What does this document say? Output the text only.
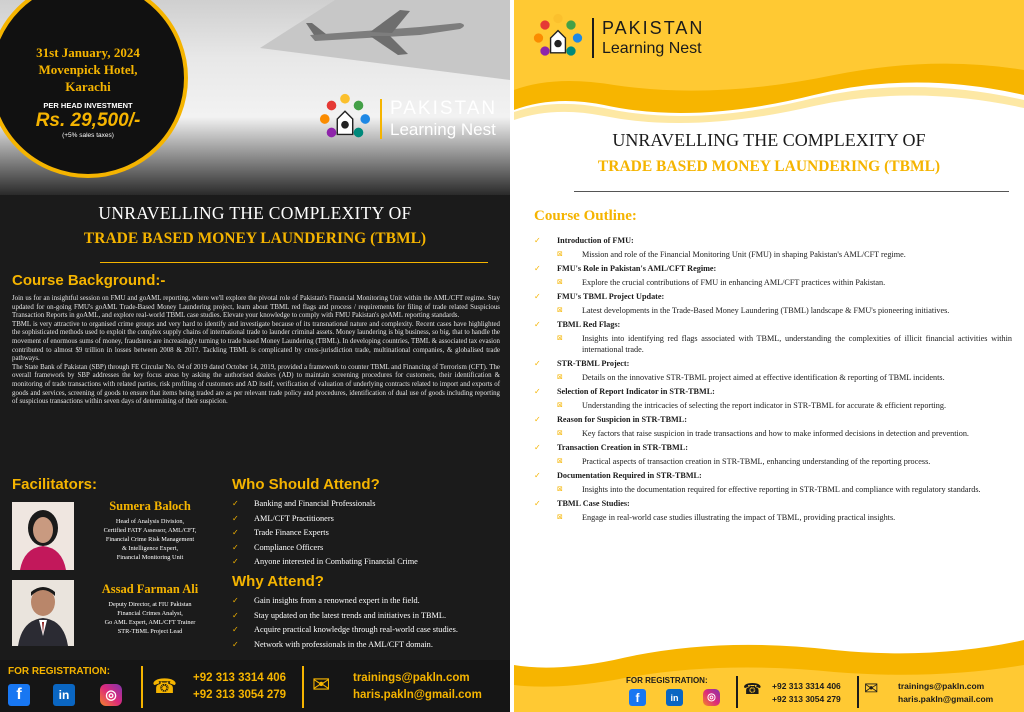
31st January, 2024
Movenpick Hotel,
Karachi
PER HEAD INVESTMENT
Rs. 29,500/-
(+5% sales taxes)
PAKISTAN
Learning Nest
UNRAVELLING THE COMPLEXITY OF
TRADE BASED MONEY LAUNDERING (TBML)
Course Background:-

Join us for an insightful session on FMU and goAML reporting, where we'll explore the pivotal role of Pakistan's Financial Monitoring Unit within the AML/CFT regime. Stay updated for on-going FMU's goAML Trade-Based Money Laundering project, learn about TBML red flags and process / requirements for filing of trade related Suspicious Transaction Reports in goAML, and explore real-world TBML case studies. Elevate your knowledge to comply with FMU Pakistan's goAML reporting standards.

TBML is very attractive to organised crime groups and very hard to identify and investigate because of its transnational nature and complexity. Recent cases have highlighted the sophisticated methods used to exploit the complex supply chains of international trade to launder criminal assets. Money laundering is big business, so big, that to handle the movement of enormous sums of money, fraudsters are increasingly turning to trade based Money Laundering (TBML). In developing countries, TBML & associated tax evasion contributed to almost $9 trillion in losses between 2008 & 2017. Tackling TBML is complicated by cross-jurisdiction trade, multinational companies, & globalised trade pathways.

The State Bank of Pakistan (SBP) through FE Circular No. 04 of 2019 dated October 14, 2019, provided a framework to counter TBML and Financing of Terrorism (CFT). The overall framework by SBP addresses the key focus areas by asking the authorised dealers (AD) to maintain screening procedures for customers, their identification & monitoring of trade transactions with related parties, risk profiling of customers and AD itself, verification of valuation of underlying contracts related to import and exports of goods and services, screening of goods to ensure that items being traded are as per relevant trade policy and procedures, identification of dual use of goods including reporting of suspicious transactions within seven days of determining of their suspicion.

Facilitators:
Sumera Baloch
Head of Analysis Division,
Certified FATF Assessor, AML/CFT,
Financial Crime Risk Management
& Intelligence Expert,
Financial Monitoring Unit
Assad Farman Ali
Deputy Director, at FIU Pakistan
Financial Crimes Analyst,
Go AML Expert, AML/CFT Trainer
STR-TBML Project Lead
Who Should Attend?
✓	Banking and Financial Professionals
✓	AML/CFT Practitioners
✓	Trade Finance Experts
✓	Compliance Officers
✓	Anyone interested in Combating Financial Crime
Why Attend?
✓	Gain insights from a renowned expert in the field.
✓	Stay updated on the latest trends and initiatives in TBML.
✓	Acquire practical knowledge through real-world case studies.
✓	Network with professionals in the AML/CFT domain.
FOR REGISTRATION:
f	in	◎ ☎ +92 313 3314 406
+92 313 3054 279 ✉ trainings@pakln.com
haris.pakln@gmail.com
PAKISTAN
Learning Nest
UNRAVELLING THE COMPLEXITY OF
TRADE BASED MONEY LAUNDERING (TBML)
Course Outline:
✓	Introduction of FMU:
⊠	Mission and role of the Financial Monitoring Unit (FMU) in shaping Pakistan's AML/CFT regime.
✓	FMU's Role in Pakistan's AML/CFT Regime:
⊠	Explore the crucial contributions of FMU in enhancing AML/CFT practices within Pakistan.
✓	FMU's TBML Project Update:
⊠	Latest developments in the Trade-Based Money Laundering (TBML) landscape & FMU's pioneering initiatives.
✓	TBML Red Flags:
⊠	Insights into identifying red flags associated with TBML, understanding the complexities of illicit financial activities within international trade.
✓	STR-TBML Project:
⊠	Details on the innovative STR-TBML project aimed at effective identification & reporting of TBML incidents.
✓	Selection of Report Indicator in STR-TBML:
⊠	Understanding the intricacies of selecting the report indicator in STR-TBML for accurate & efficient reporting.
✓	Reason for Suspicion in STR-TBML:
⊠	Key factors that raise suspicion in trade transactions and how to make informed decisions in detection and prevention.
✓	Transaction Creation in STR-TBML:
⊠	Practical aspects of transaction creation in STR-TBML, enhancing understanding of the reporting process.
✓	Documentation Required in STR-TBML:
⊠	Insights into the documentation required for effective reporting in STR-TBML and compliance with regulatory standards.
✓	TBML Case Studies:
⊠	Engage in real-world case studies illustrating the impact of TBML, providing practical insights.
FOR REGISTRATION:
f	in	◎ ☎ +92 313 3314 406
+92 313 3054 279 ✉ trainings@pakln.com
haris.pakln@gmail.com
